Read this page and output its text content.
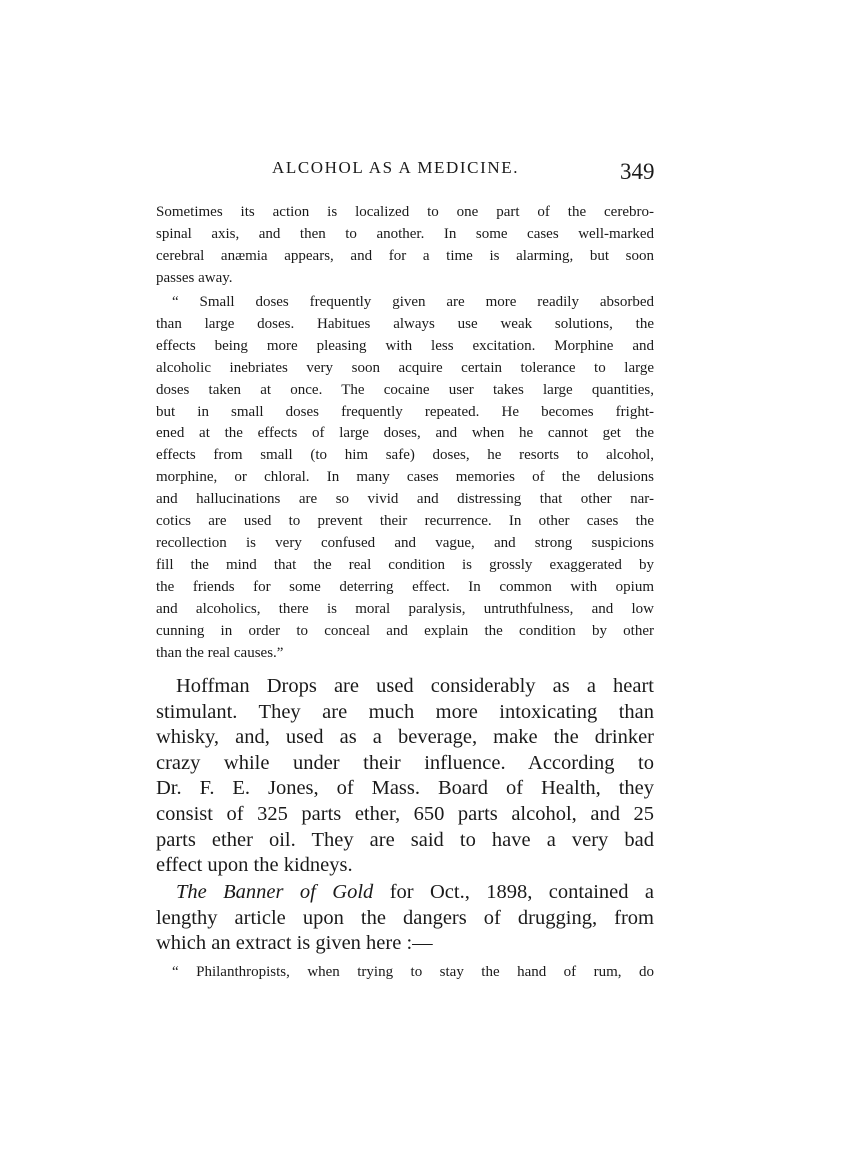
ALCOHOL AS A MEDICINE.	349
Sometimes its action is localized to one part of the cerebro-
spinal axis, and then to another. In some cases well-marked
cerebral anæmia appears, and for a time is alarming, but soon
passes away.
“ Small doses frequently given are more readily absorbed
than large doses. Habitues always use weak solutions, the
effects being more pleasing with less excitation. Morphine and
alcoholic inebriates very soon acquire certain tolerance to large
doses taken at once. The cocaine user takes large quantities,
but in small doses frequently repeated. He becomes fright-
ened at the effects of large doses, and when he cannot get the
effects from small (to him safe) doses, he resorts to alcohol,
morphine, or chloral. In many cases memories of the delusions
and hallucinations are so vivid and distressing that other nar-
cotics are used to prevent their recurrence. In other cases the
recollection is very confused and vague, and strong suspicions
fill the mind that the real condition is grossly exaggerated by
the friends for some deterring effect. In common with opium
and alcoholics, there is moral paralysis, untruthfulness, and low
cunning in order to conceal and explain the condition by other
than the real causes.”
Hoffman Drops are used considerably as a heart
stimulant. They are much more intoxicating than
whisky, and, used as a beverage, make the drinker
crazy while under their influence. According to
Dr. F. E. Jones, of Mass. Board of Health, they
consist of 325 parts ether, 650 parts alcohol, and 25
parts ether oil. They are said to have a very bad
effect upon the kidneys.
The Banner of Gold for Oct., 1898, contained a
lengthy article upon the dangers of drugging, from
which an extract is given here :—
“ Philanthropists, when trying to stay the hand of rum, do
